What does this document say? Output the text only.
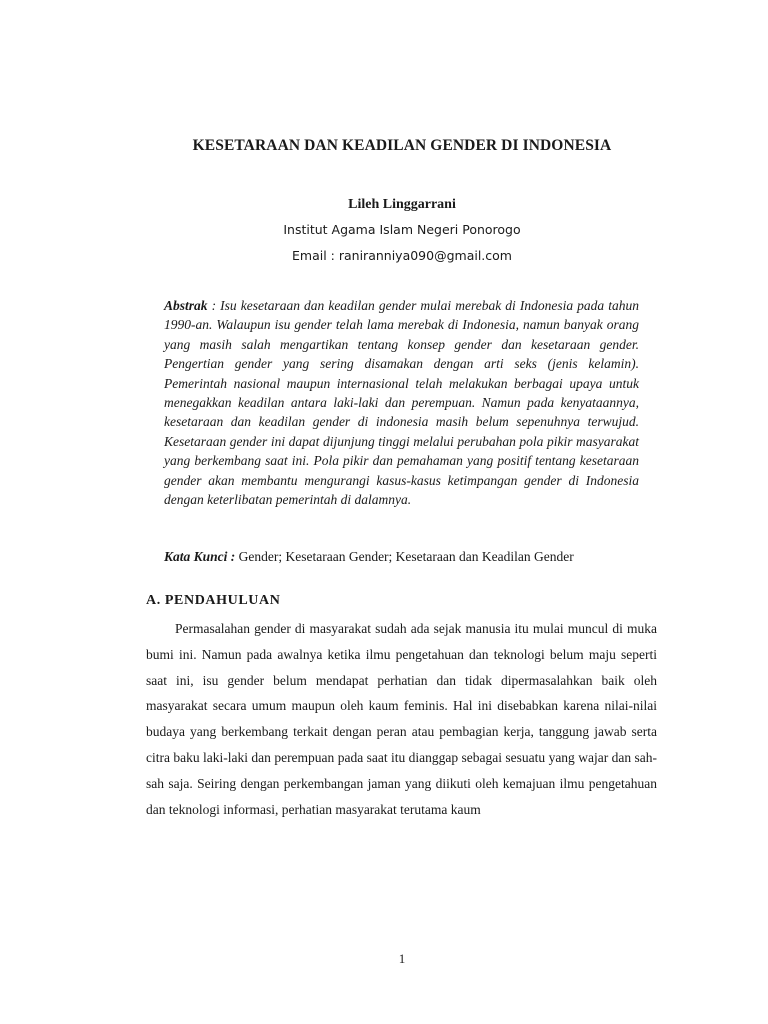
KESETARAAN DAN KEADILAN GENDER DI INDONESIA
Lileh Linggarrani
Institut Agama Islam Negeri Ponorogo
Email : raniranniya090@gmail.com
Abstrak : Isu kesetaraan dan keadilan gender mulai merebak di Indonesia pada tahun 1990-an. Walaupun isu gender telah lama merebak di Indonesia, namun banyak orang yang masih salah mengartikan tentang konsep gender dan kesetaraan gender. Pengertian gender yang sering disamakan dengan arti seks (jenis kelamin). Pemerintah nasional maupun internasional telah melakukan berbagai upaya untuk menegakkan keadilan antara laki-laki dan perempuan. Namun pada kenyataannya, kesetaraan dan keadilan gender di indonesia masih belum sepenuhnya terwujud. Kesetaraan gender ini dapat dijunjung tinggi melalui perubahan pola pikir masyarakat yang berkembang saat ini. Pola pikir dan pemahaman yang positif tentang kesetaraan gender akan membantu mengurangi kasus-kasus ketimpangan gender di Indonesia dengan keterlibatan pemerintah di dalamnya.
Kata Kunci : Gender; Kesetaraan Gender; Kesetaraan dan Keadilan Gender
A. PENDAHULUAN
Permasalahan gender di masyarakat sudah ada sejak manusia itu mulai muncul di muka bumi ini. Namun pada awalnya ketika ilmu pengetahuan dan teknologi belum maju seperti saat ini, isu gender belum mendapat perhatian dan tidak dipermasalahkan baik oleh masyarakat secara umum maupun oleh kaum feminis. Hal ini disebabkan karena nilai-nilai budaya yang berkembang terkait dengan peran atau pembagian kerja, tanggung jawab serta citra baku laki-laki dan perempuan pada saat itu dianggap sebagai sesuatu yang wajar dan sah-sah saja. Seiring dengan perkembangan jaman yang diikuti oleh kemajuan ilmu pengetahuan dan teknologi informasi, perhatian masyarakat terutama kaum
1
